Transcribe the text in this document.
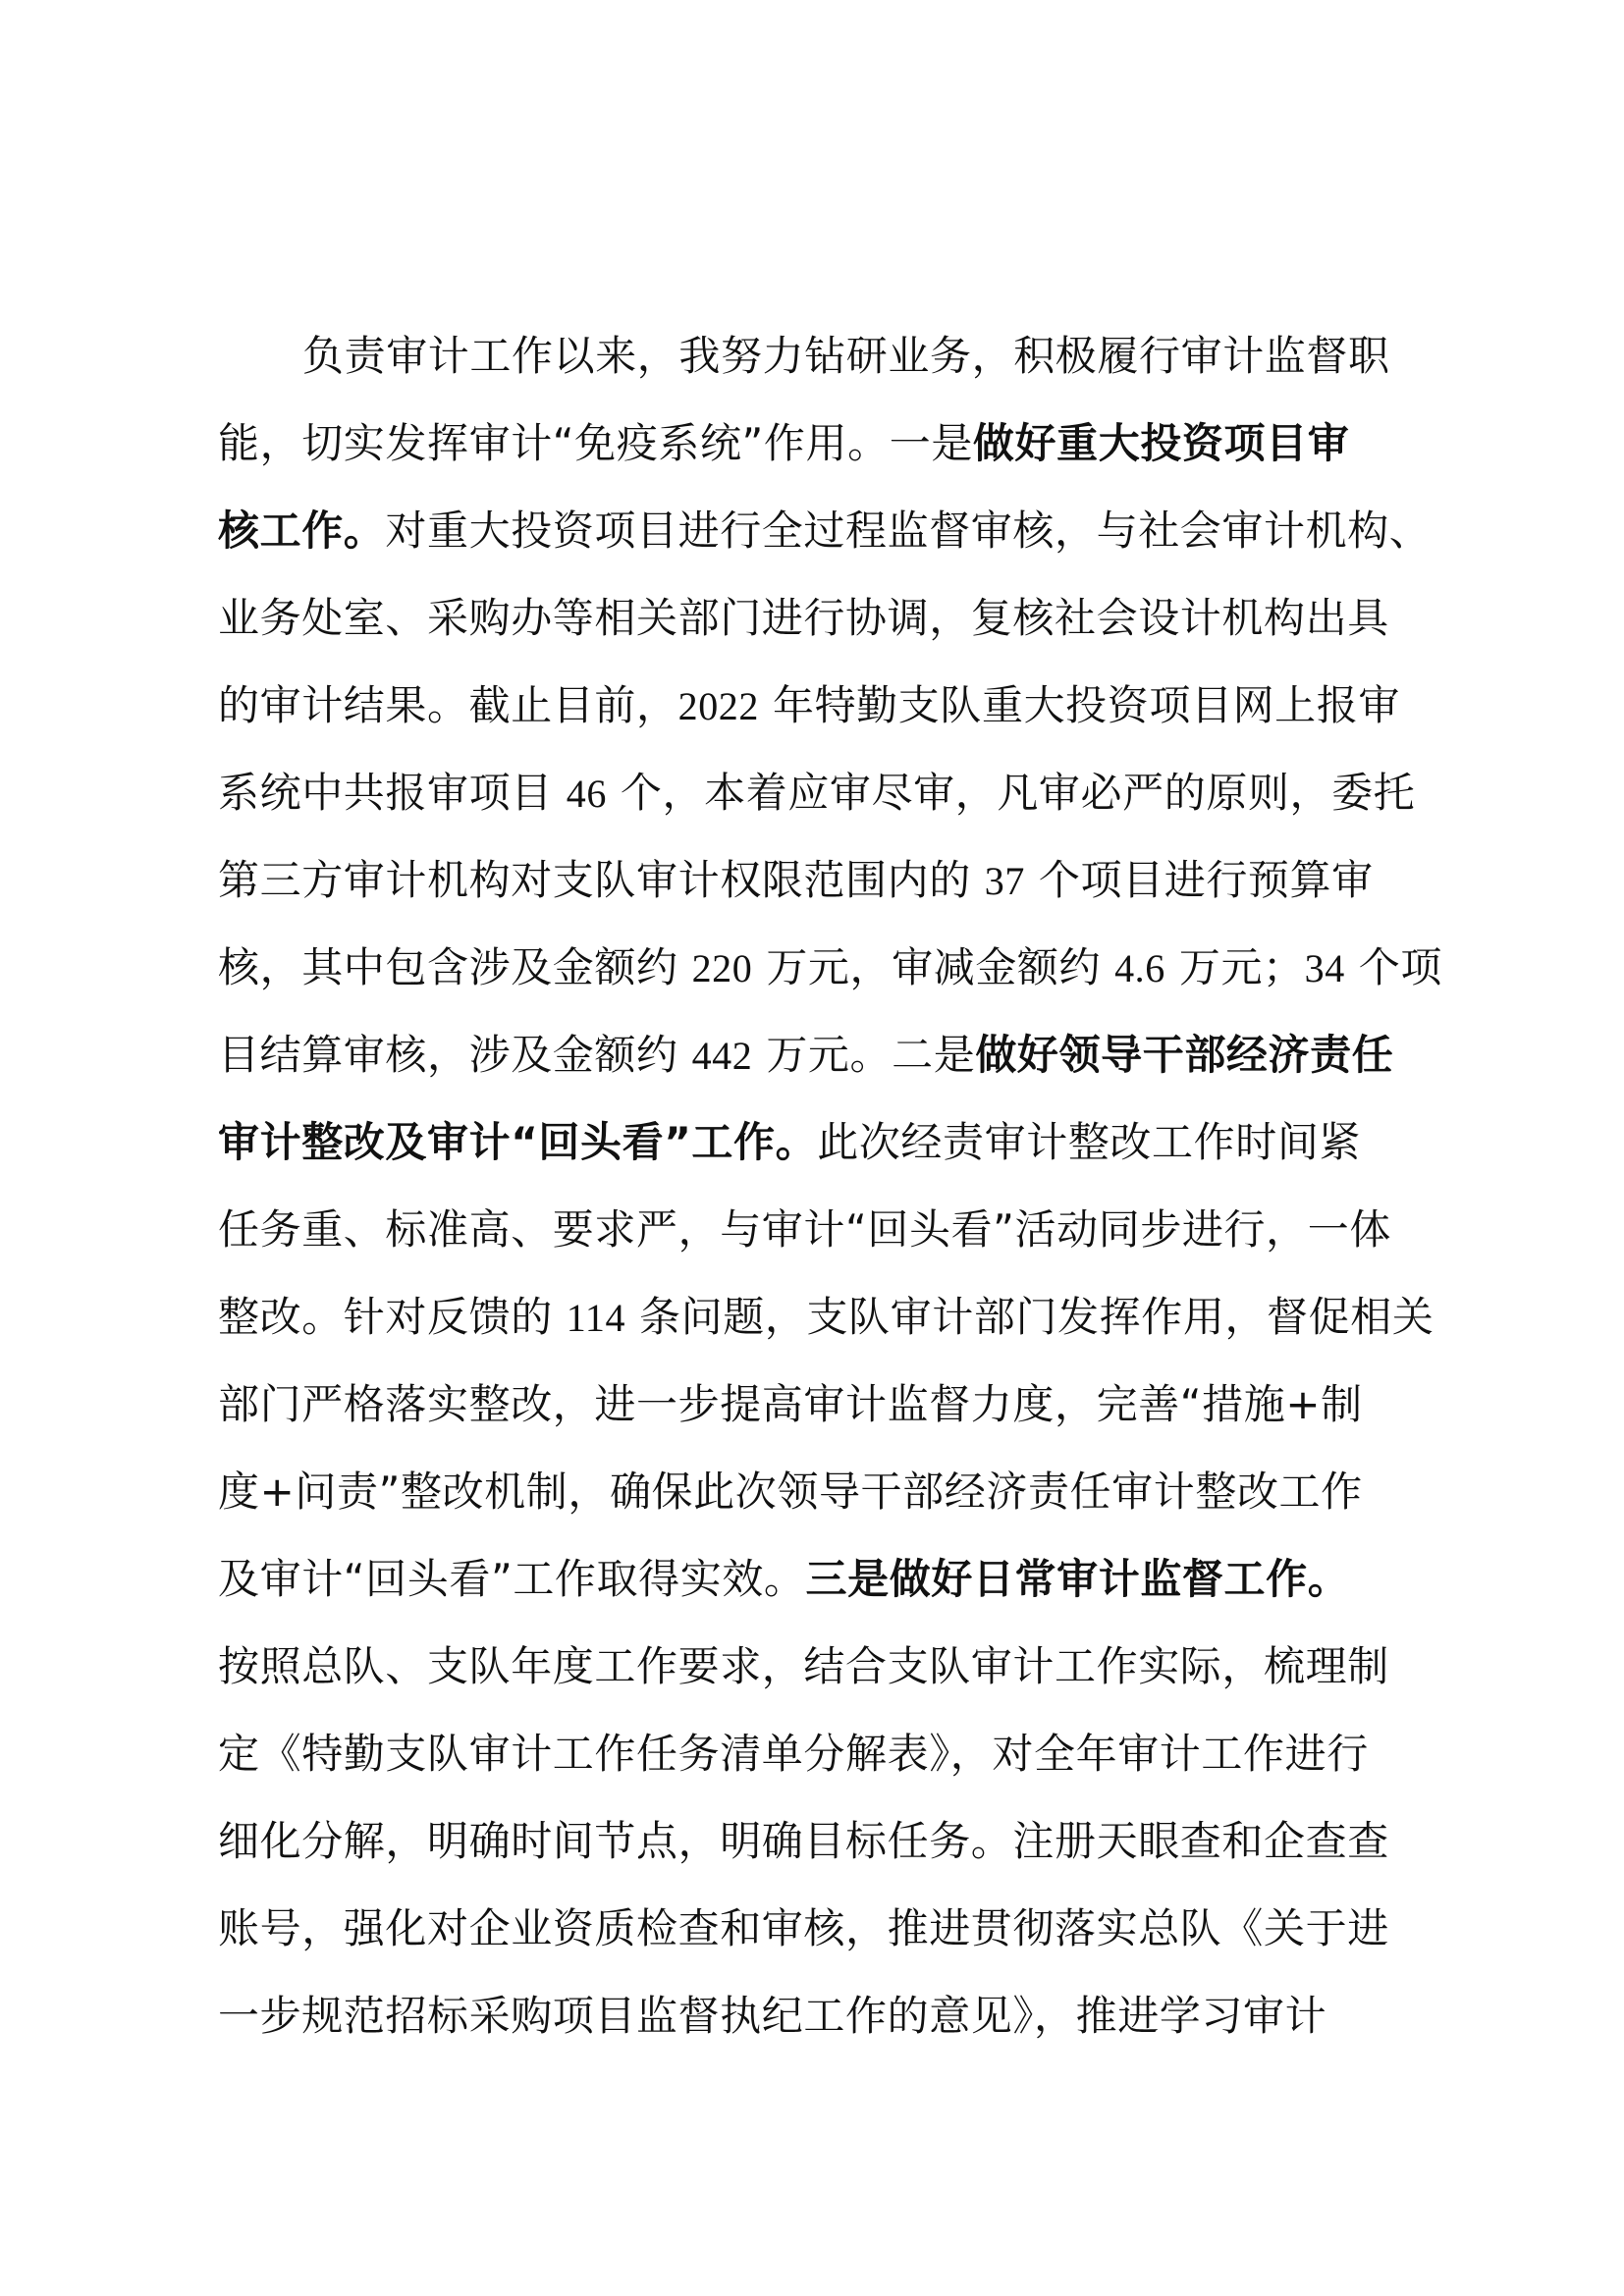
负责审计工作以来，我努力钻研业务，积极履行审计监督职
能，切实发挥审计“免疫系统”作用。一是做好重大投资项目审
核工作。对重大投资项目进行全过程监督审核，与社会审计机构、
业务处室、采购办等相关部门进行协调，复核社会设计机构出具
的审计结果。截止目前，2022 年特勤支队重大投资项目网上报审
系统中共报审项目 46 个，本着应审尽审，凡审必严的原则，委托
第三方审计机构对支队审计权限范围内的 37 个项目进行预算审
核，其中包含涉及金额约 220 万元，审减金额约 4.6 万元；34 个项
目结算审核，涉及金额约 442 万元。二是做好领导干部经济责任
审计整改及审计“回头看”工作。此次经责审计整改工作时间紧
任务重、标准高、要求严，与审计“回头看”活动同步进行，一体
整改。针对反馈的 114 条问题，支队审计部门发挥作用，督促相关
部门严格落实整改，进一步提高审计监督力度，完善“措施+制
度+问责”整改机制，确保此次领导干部经济责任审计整改工作
及审计“回头看”工作取得实效。三是做好日常审计监督工作。
按照总队、支队年度工作要求，结合支队审计工作实际，梳理制
定《特勤支队审计工作任务清单分解表》，对全年审计工作进行
细化分解，明确时间节点，明确目标任务。注册天眼查和企查查
账号，强化对企业资质检查和审核，推进贯彻落实总队《关于进
一步规范招标采购项目监督执纪工作的意见》，推进学习审计
